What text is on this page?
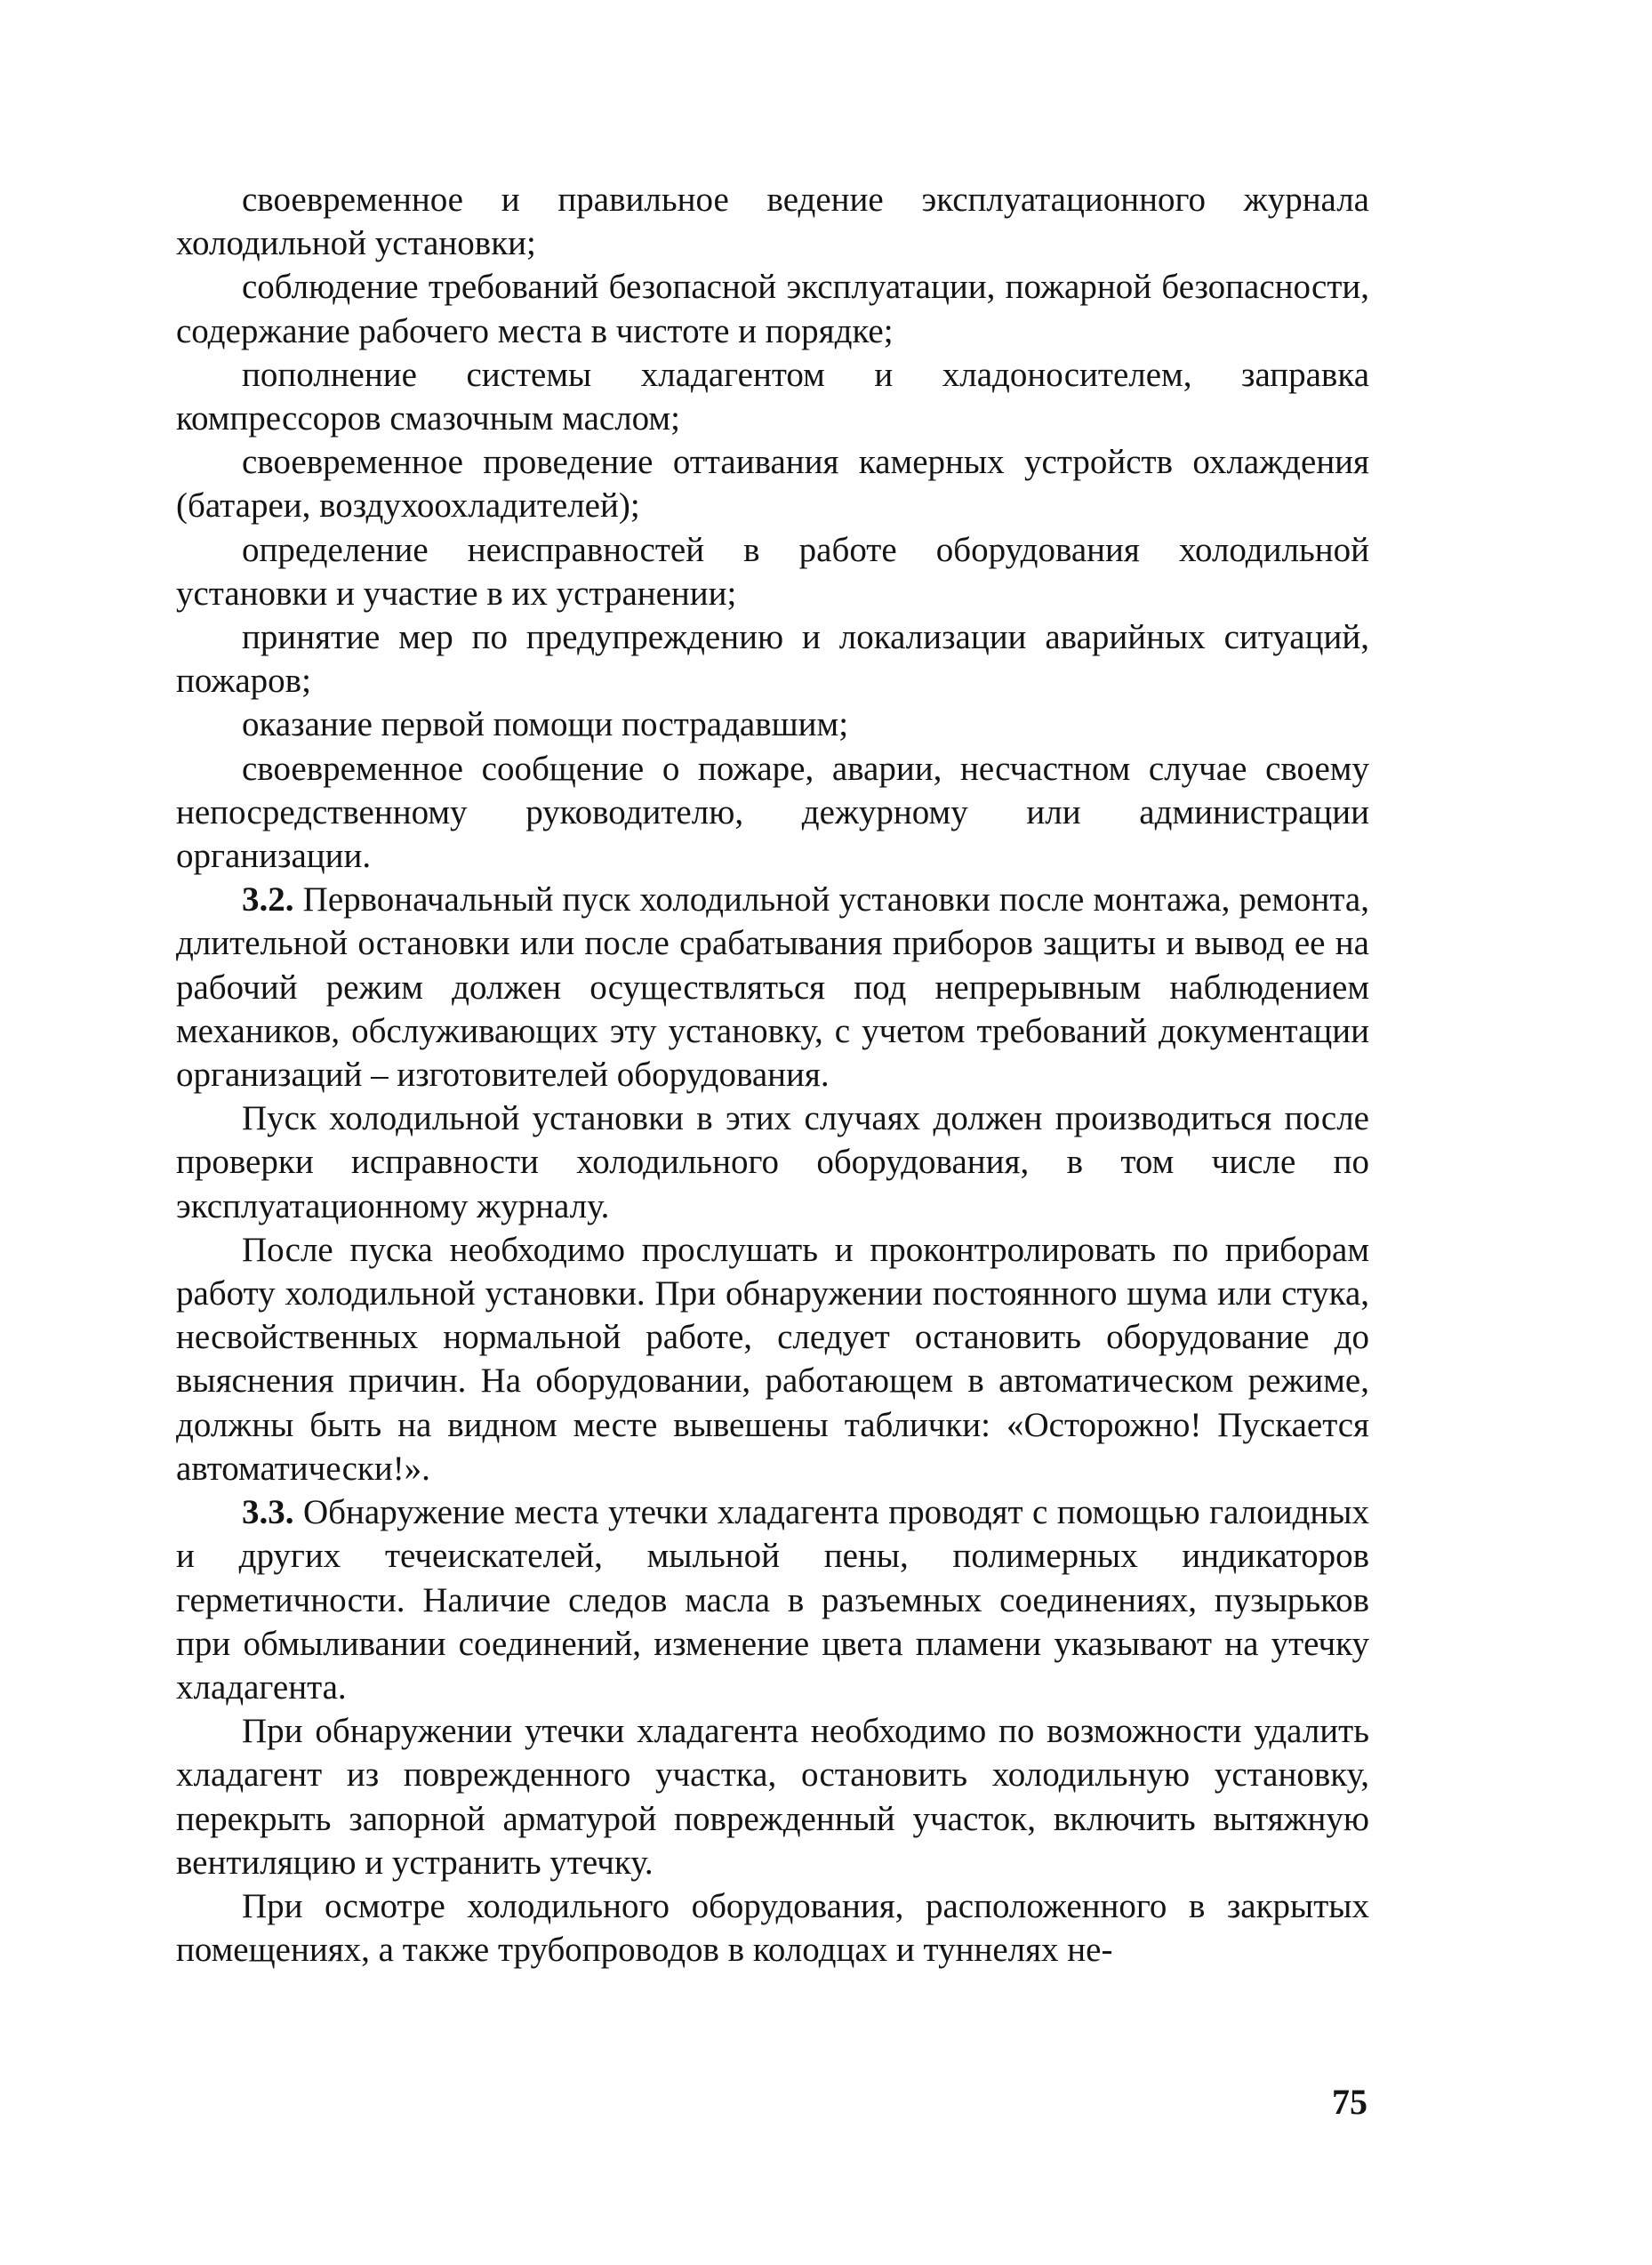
своевременное и правильное ведение эксплуатационного журнала холодильной установки;

соблюдение требований безопасной эксплуатации, пожарной безопасности, содержание рабочего места в чистоте и порядке;

пополнение системы хладагентом и хладоносителем, заправка компрессоров смазочным маслом;

своевременное проведение оттаивания камерных устройств охлаждения (батареи, воздухоохладителей);

определение неисправностей в работе оборудования холодильной установки и участие в их устранении;

принятие мер по предупреждению и локализации аварийных ситуаций, пожаров;

оказание первой помощи пострадавшим;

своевременное сообщение о пожаре, аварии, несчастном случае своему непосредственному руководителю, дежурному или администрации организации.

3.2. Первоначальный пуск холодильной установки после монтажа, ремонта, длительной остановки или после срабатывания приборов защиты и вывод ее на рабочий режим должен осуществляться под непрерывным наблюдением механиков, обслуживающих эту установку, с учетом требований документации организаций – изготовителей оборудования.

Пуск холодильной установки в этих случаях должен производиться после проверки исправности холодильного оборудования, в том числе по эксплуатационному журналу.

После пуска необходимо прослушать и проконтролировать по приборам работу холодильной установки. При обнаружении постоянного шума или стука, несвойственных нормальной работе, следует остановить оборудование до выяснения причин. На оборудовании, работающем в автоматическом режиме, должны быть на видном месте вывешены таблички: «Осторожно! Пускается автоматически!».

3.3. Обнаружение места утечки хладагента проводят с помощью галоидных и других течеискателей, мыльной пены, полимерных индикаторов герметичности. Наличие следов масла в разъемных соединениях, пузырьков при обмыливании соединений, изменение цвета пламени указывают на утечку хладагента.

При обнаружении утечки хладагента необходимо по возможности удалить хладагент из поврежденного участка, остановить холодильную установку, перекрыть запорной арматурой поврежденный участок, включить вытяжную вентиляцию и устранить утечку.

При осмотре холодильного оборудования, расположенного в закрытых помещениях, а также трубопроводов в колодцах и туннелях не-

75
